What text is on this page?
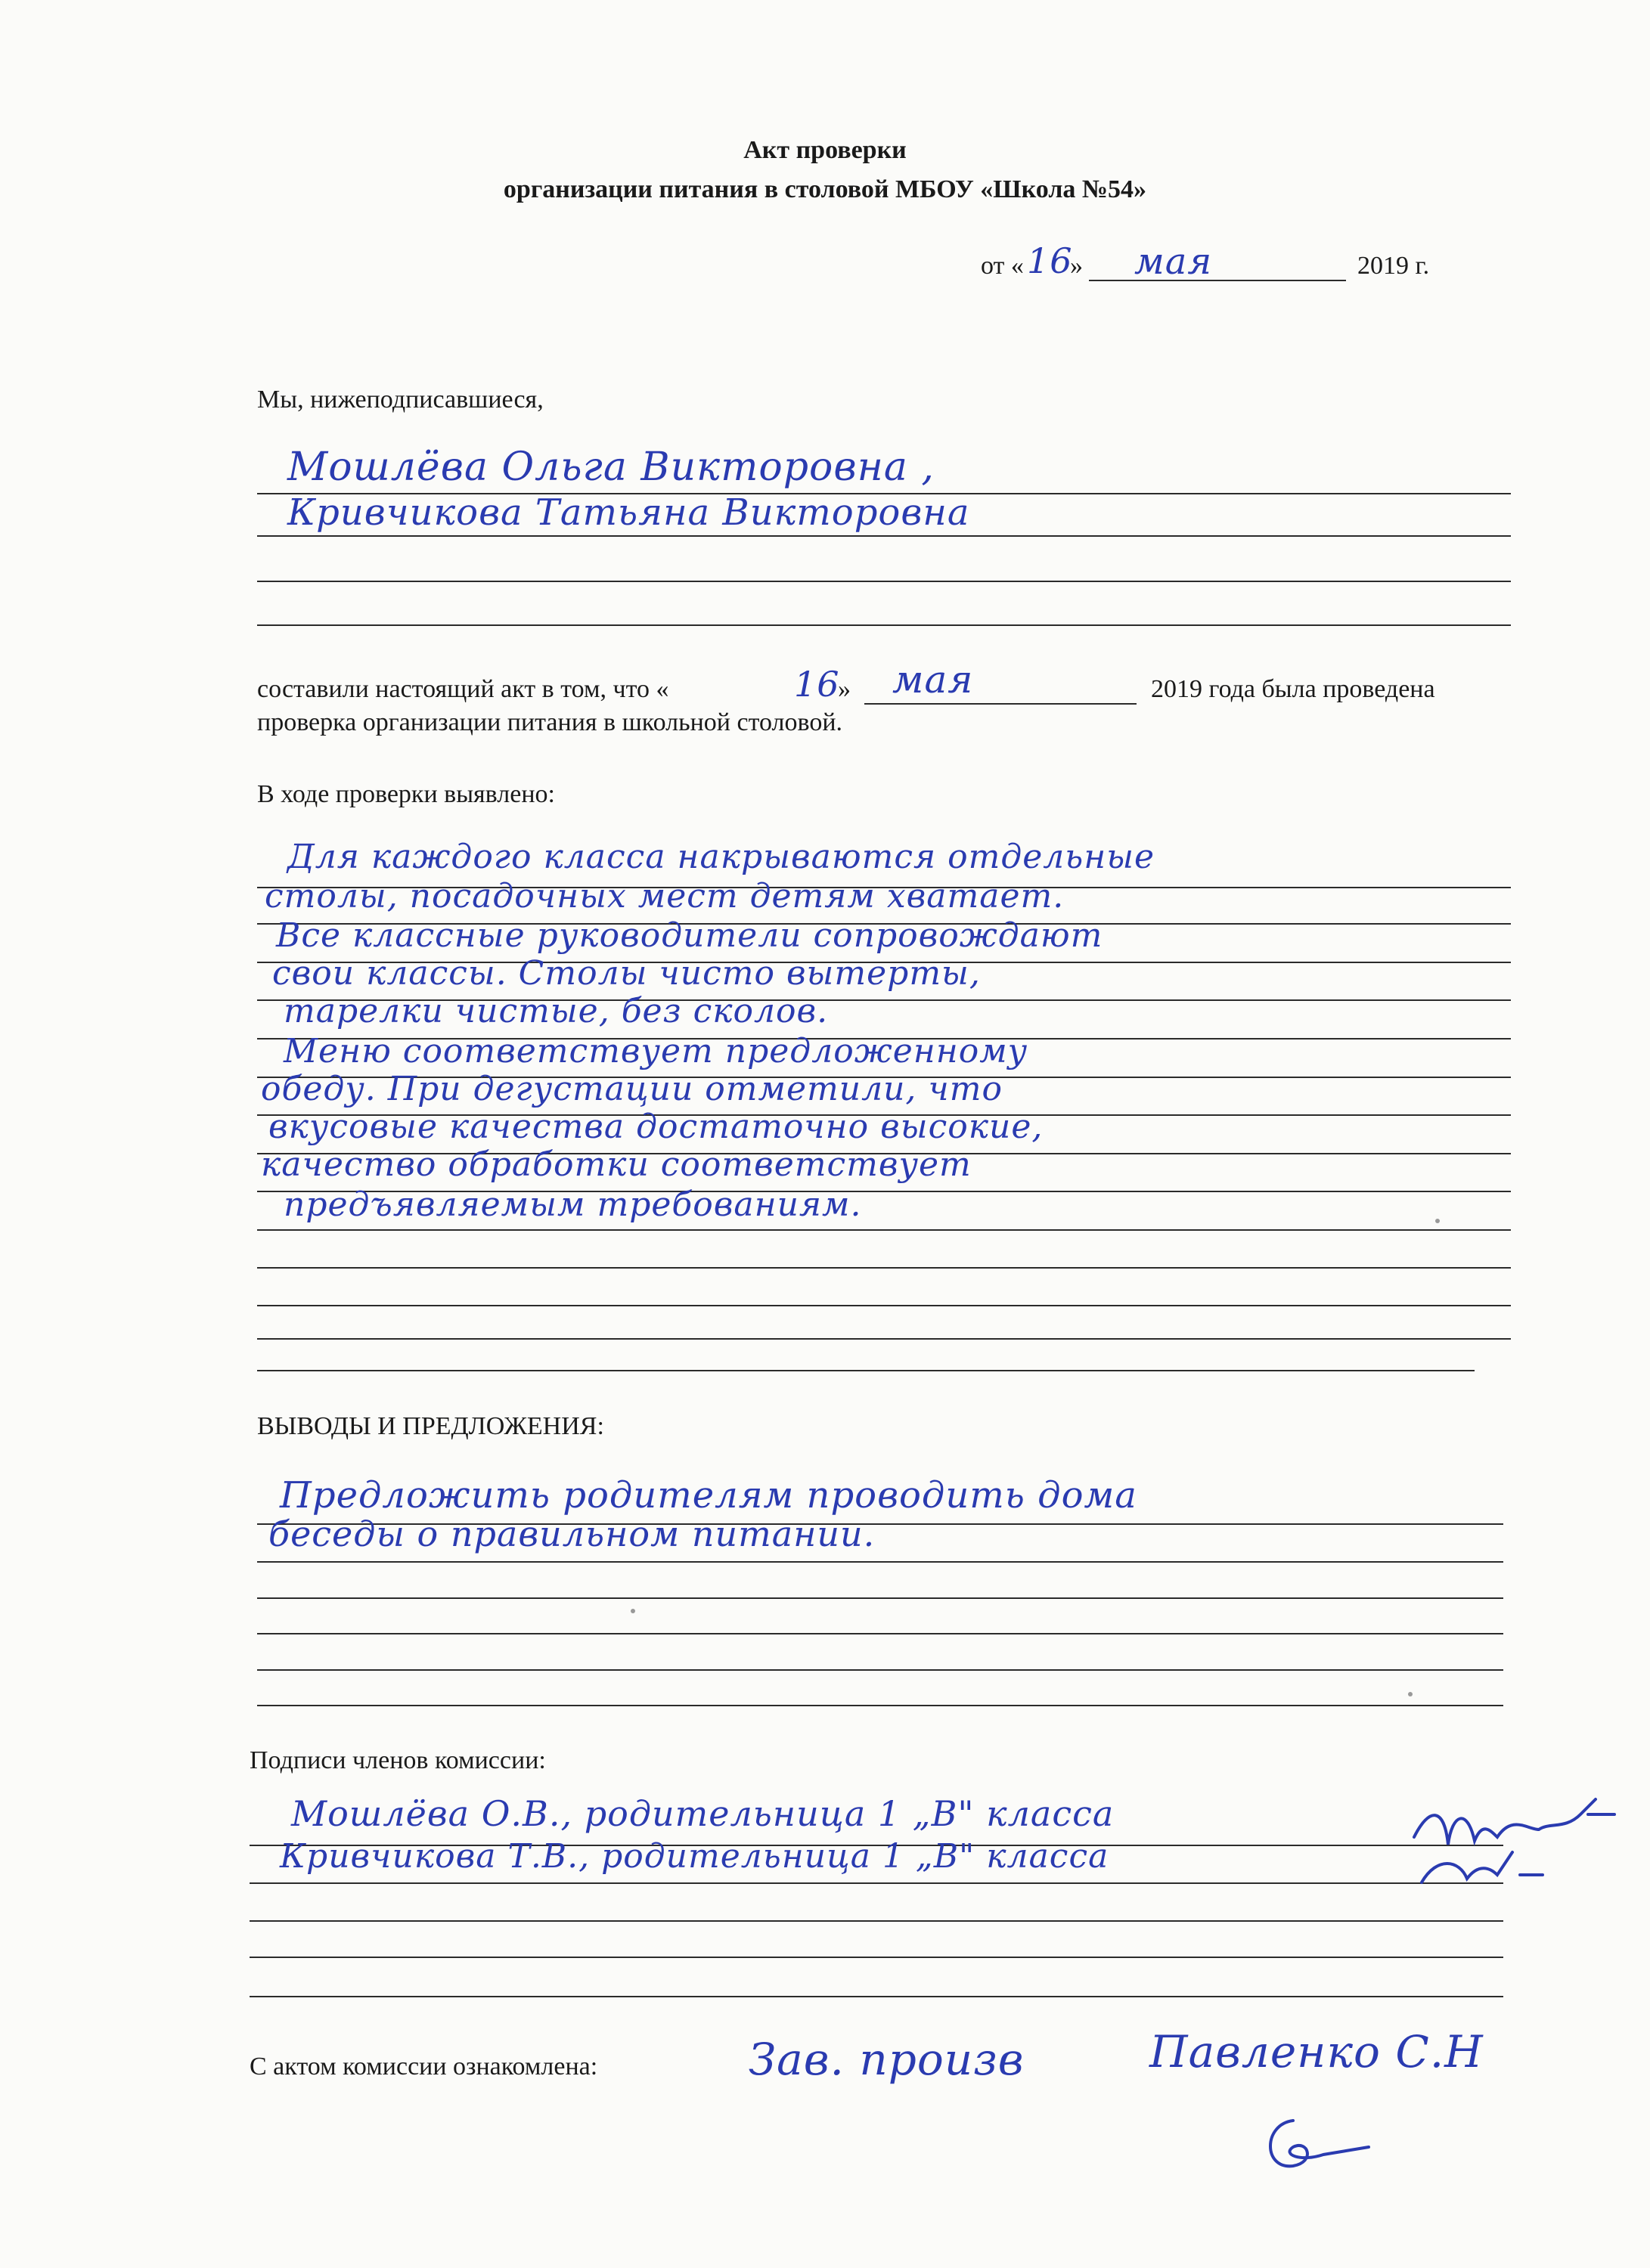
Акт проверки
организации питания в столовой МБОУ «Школа №54»
от « 16
» мая	2019 г.
Мы, нижеподписавшиеся,
Мошлёва Ольга Викторовна ,
Кривчикова Татьяна Викторовна
составили настоящий акт в том, что «	16
» мая	2019 года была проведена
проверка организации питания в школьной столовой.
В ходе проверки выявлено:
Для каждого класса накрываются отдельные
столы, посадочных мест детям хватает.
Все классные руководители сопровождают
свои классы. Столы чисто вытерты,
тарелки чистые, без сколов.
Меню соответствует предложенному
обеду. При дегустации отметили, что
вкусовые качества достаточно высокие,
качество обработки соответствует
предъявляемым требованиям.
ВЫВОДЫ И ПРЕДЛОЖЕНИЯ:
Предложить родителям проводить дома
беседы о правильном питании.
Подписи членов комиссии:
Мошлёва О.В., родительница 1 „В" класса
Кривчикова Т.В., родительница 1 „В" класса
С актом комиссии ознакомлена:	Зав. произв	Павленко С.Н
